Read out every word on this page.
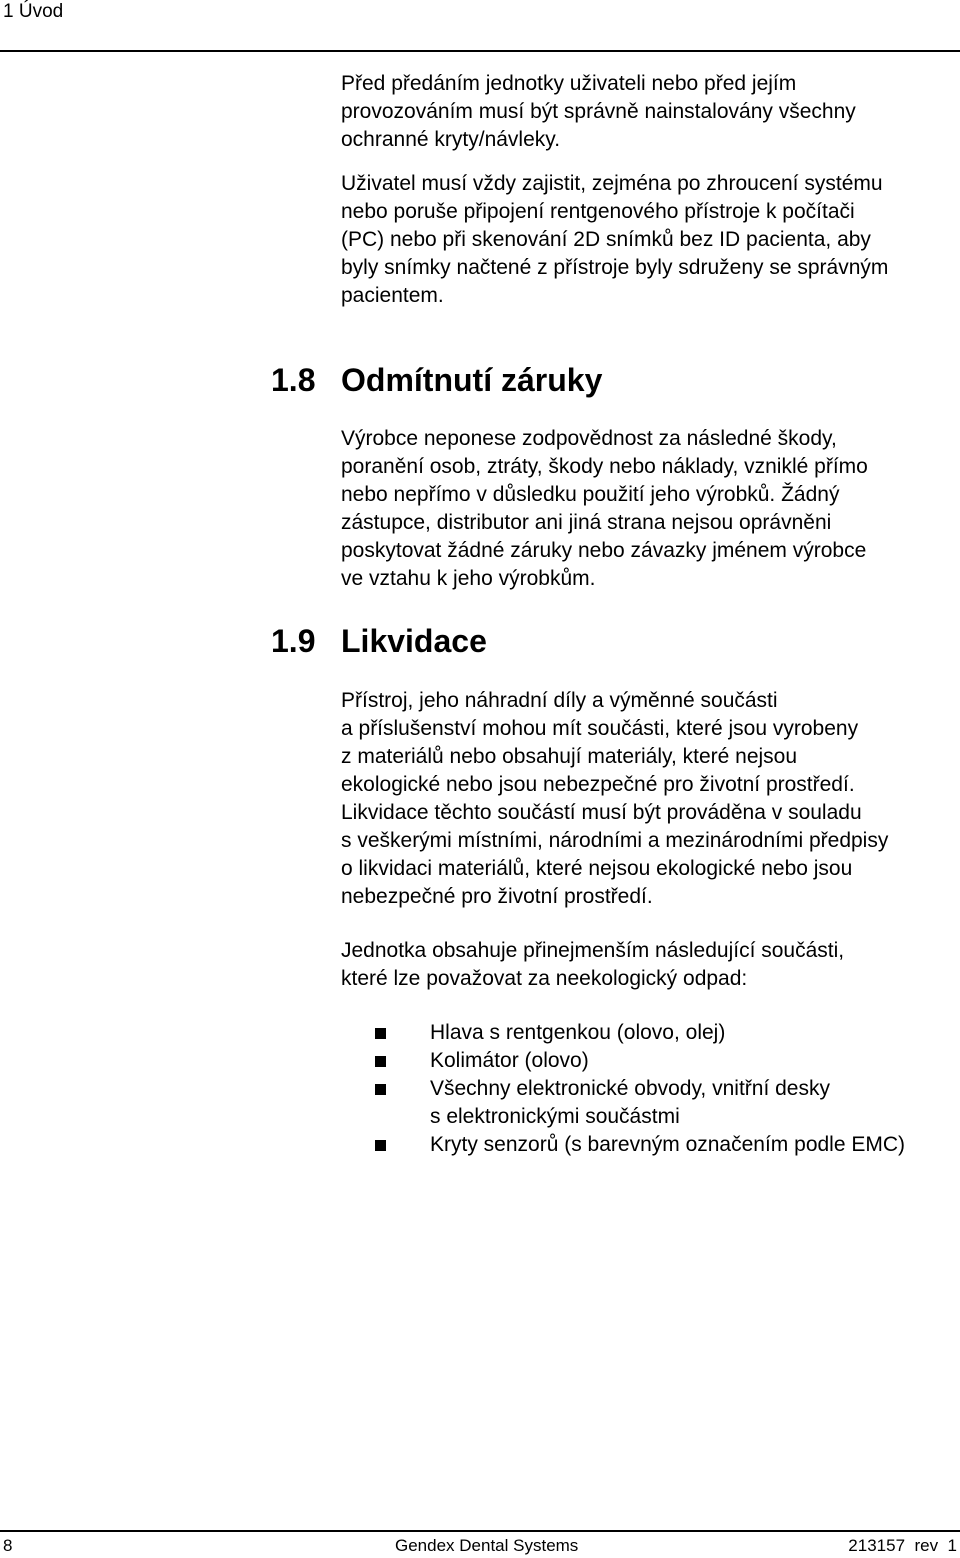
1 Úvod

Před předáním jednotky uživateli nebo před jejím
provozováním musí být správně nainstalovány všechny
ochranné kryty/návleky.

Uživatel musí vždy zajistit, zejména po zhroucení systému
nebo poruše připojení rentgenového přístroje k počítači
(PC) nebo při skenování 2D snímků bez ID pacienta, aby
byly snímky načtené z přístroje byly sdruženy se správným
pacientem.

1.8 Odmítnutí záruky

Výrobce neponese zodpovědnost za následné škody,
poranění osob, ztráty, škody nebo náklady, vzniklé přímo
nebo nepřímo v důsledku použití jeho výrobků. Žádný
zástupce, distributor ani jiná strana nejsou oprávněni
poskytovat žádné záruky nebo závazky jménem výrobce
ve vztahu k jeho výrobkům.

1.9 Likvidace

Přístroj, jeho náhradní díly a výměnné součásti
a příslušenství mohou mít součásti, které jsou vyrobeny
z materiálů nebo obsahují materiály, které nejsou
ekologické nebo jsou nebezpečné pro životní prostředí.
Likvidace těchto součástí musí být prováděna v souladu
s veškerými místními, národními a mezinárodními předpisy
o likvidaci materiálů, které nejsou ekologické nebo jsou
nebezpečné pro životní prostředí.

Jednotka obsahuje přinejmenším následující součásti,
které lze považovat za neekologický odpad:

Hlava s rentgenkou (olovo, olej)
Kolimátor (olovo)
Všechny elektronické obvody, vnitřní desky
s elektronickými součástmi
Kryty senzorů (s barevným označením podle EMC)
8	Gendex Dental Systems	213157  rev  1
